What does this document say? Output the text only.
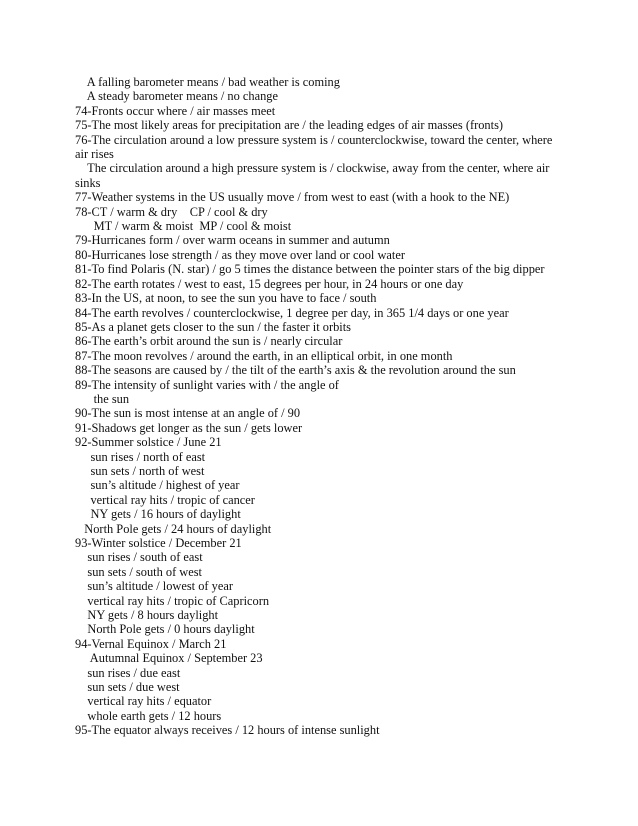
A falling barometer means / bad weather is coming
A steady barometer means / no change
74-Fronts occur where / air masses meet
75-The most likely areas for precipitation are / the leading edges of air masses (fronts)
76-The circulation around a low pressure system is / counterclockwise, toward the center, where
air rises
The circulation around a high pressure system is / clockwise, away from the center, where air
sinks
77-Weather systems in the US usually move / from west to east (with a hook to the NE)
78-CT / warm & dry    CP / cool & dry
MT / warm & moist  MP / cool & moist
79-Hurricanes form / over warm oceans in summer and autumn
80-Hurricanes lose strength / as they move over land or cool water
81-To find Polaris (N. star) / go 5 times the distance between the pointer stars of the big dipper
82-The earth rotates / west to east, 15 degrees per hour, in 24 hours or one day
83-In the US, at noon, to see the sun you have to face / south
84-The earth revolves / counterclockwise, 1 degree per day, in 365 1/4 days or one year
85-As a planet gets closer to the sun / the faster it orbits
86-The earth’s orbit around the sun is / nearly circular
87-The moon revolves / around the earth, in an elliptical orbit, in one month
88-The seasons are caused by / the tilt of the earth’s axis & the revolution around the sun
89-The intensity of sunlight varies with / the angle of
the sun
90-The sun is most intense at an angle of / 90
91-Shadows get longer as the sun / gets lower
92-Summer solstice / June 21
sun rises / north of east
sun sets / north of west
sun’s altitude / highest of year
vertical ray hits / tropic of cancer
NY gets / 16 hours of daylight
North Pole gets / 24 hours of daylight
93-Winter solstice / December 21
sun rises / south of east
sun sets / south of west
sun’s altitude / lowest of year
vertical ray hits / tropic of Capricorn
NY gets / 8 hours daylight
North Pole gets / 0 hours daylight
94-Vernal Equinox / March 21
Autumnal Equinox / September 23
sun rises / due east
sun sets / due west
vertical ray hits / equator
whole earth gets / 12 hours
95-The equator always receives / 12 hours of intense sunlight
